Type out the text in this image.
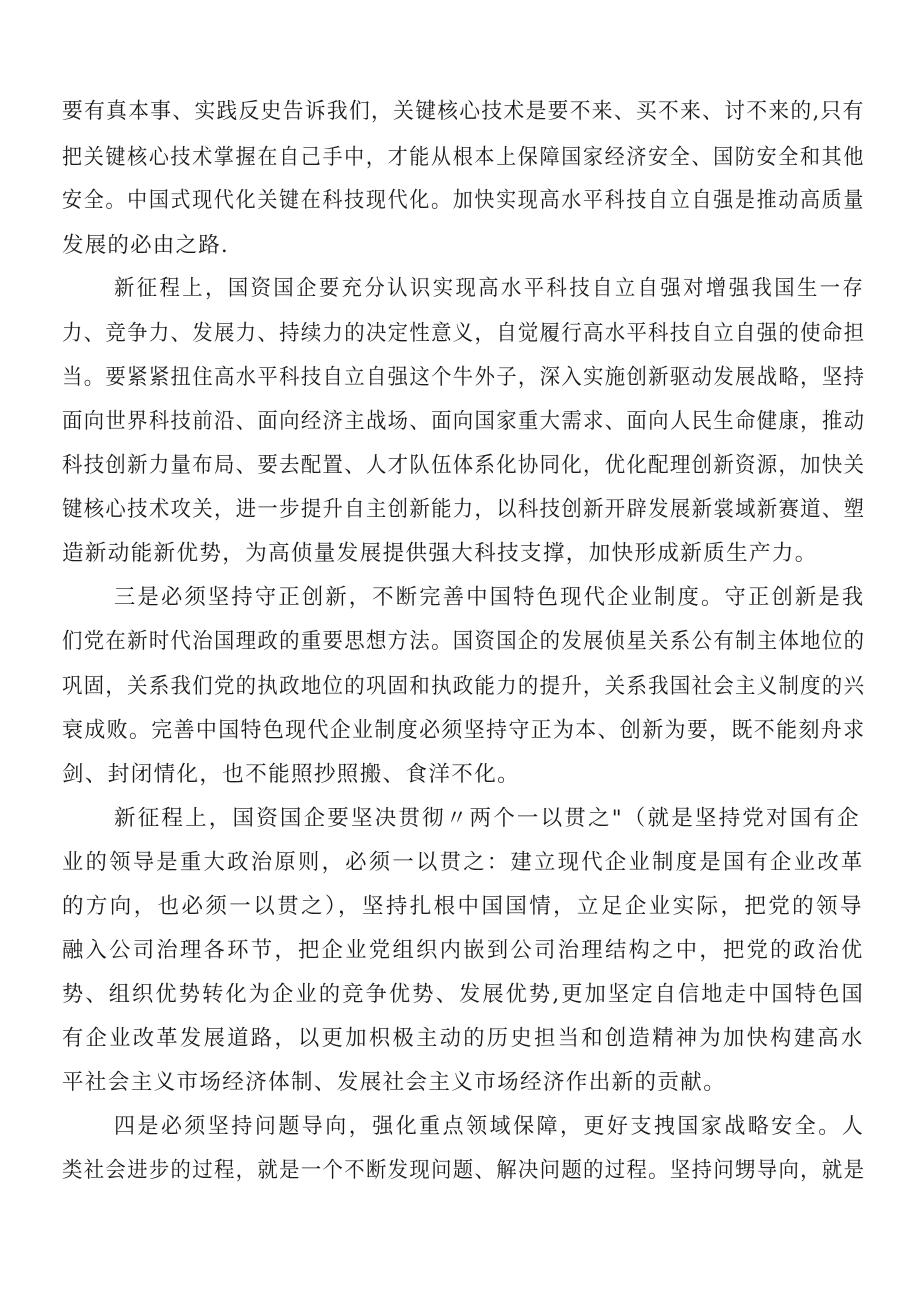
要有真本事、实践反史告诉我们，关键核心技术是要不来、买不来、讨不来的,只有
把关键核心技术掌握在自己手中，才能从根本上保障国家经济安全、国防安全和其他
安全。中国式现代化关键在科技现代化。加快实现高水平科技自立自强是推动高质量
发展的必由之路.
新征程上，国资国企要充分认识实现高水平科技自立自强对增强我国生一存
力、竞争力、发展力、持续力的决定性意义，自觉履行高水平科技自立自强的使命担
当。要紧紧扭住高水平科技自立自强这个牛外子，深入实施创新驱动发展战略，坚持
面向世界科技前沿、面向经济主战场、面向国家重大需求、面向人民生命健康，推动
科技创新力量布局、要去配置、人才队伍体系化协同化，优化配理创新资源，加快关
键核心技术攻关，进一步提升自主创新能力，以科技创新开辟发展新裳域新赛道、塑
造新动能新优势，为高侦量发展提供强大科技支撑，加快形成新质生产力。
三是必须坚持守正创新，不断完善中国特色现代企业制度。守正创新是我
们党在新时代治国理政的重要思想方法。国资国企的发展侦星关系公有制主体地位的
巩固，关系我们党的执政地位的巩固和执政能力的提升，关系我国社会主义制度的兴
衰成败。完善中国特色现代企业制度必须坚持守正为本、创新为要，既不能刻舟求
剑、封闭情化，也不能照抄照搬、食洋不化。
新征程上，国资国企要坚决贯彻〃两个一以贯之"（就是坚持党对国有企
业的领导是重大政治原则，必须一以贯之：建立现代企业制度是国有企业改革
的方向，也必须一以贯之），坚持扎根中国国情，立足企业实际，把党的领导
融入公司治理各环节，把企业党组织内嵌到公司治理结构之中，把党的政治优
势、组织优势转化为企业的竞争优势、发展优势,更加坚定自信地走中国特色国
有企业改革发展道路，以更加枳极主动的历史担当和创造精神为加快构建高水
平社会主义市场经济体制、发展社会主义市场经济作出新的贡献。
四是必须坚持问题导向，强化重点领域保障，更好支拽国家战略安全。人
类社会进步的过程，就是一个不断发现问题、解决问题的过程。坚持问甥导向，就是
